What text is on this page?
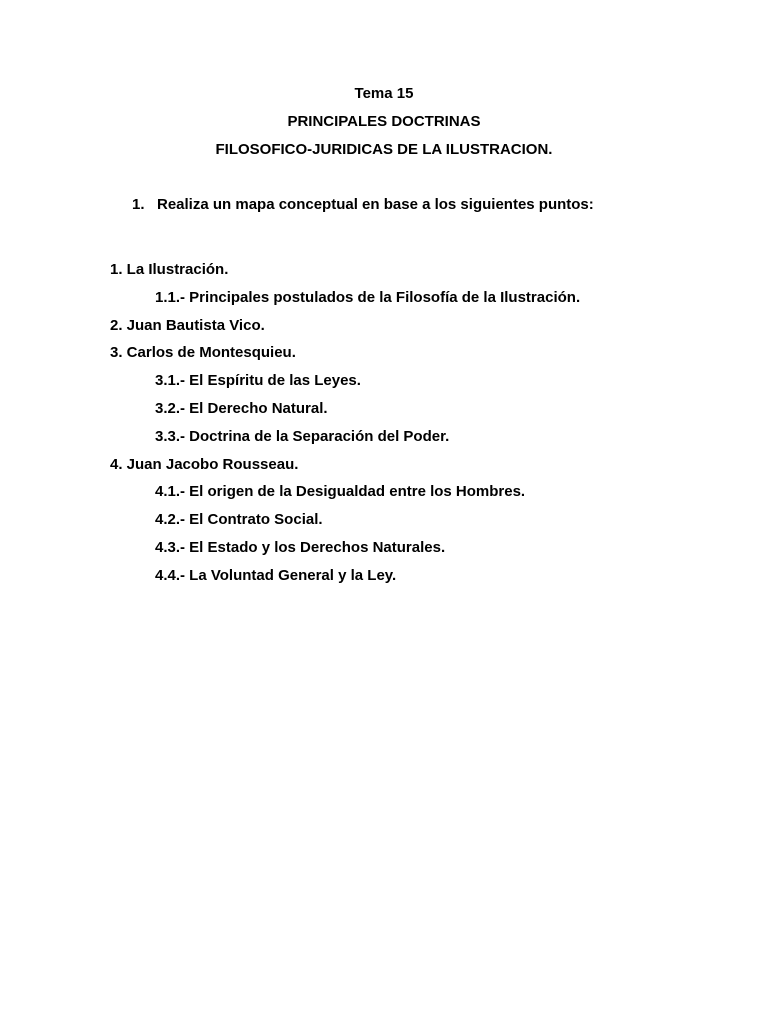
Tema 15
PRINCIPALES DOCTRINAS
FILOSOFICO-JURIDICAS DE LA ILUSTRACION.
1. Realiza un mapa conceptual en base a los siguientes puntos:
1. La Ilustración.
1.1.- Principales postulados de la Filosofía de la Ilustración.
2. Juan Bautista Vico.
3. Carlos de Montesquieu.
3.1.- El Espíritu de las Leyes.
3.2.- El Derecho Natural.
3.3.- Doctrina de la Separación del Poder.
4. Juan Jacobo Rousseau.
4.1.- El origen de la Desigualdad entre los Hombres.
4.2.- El Contrato Social.
4.3.- El Estado y los Derechos Naturales.
4.4.- La Voluntad General y la Ley.
